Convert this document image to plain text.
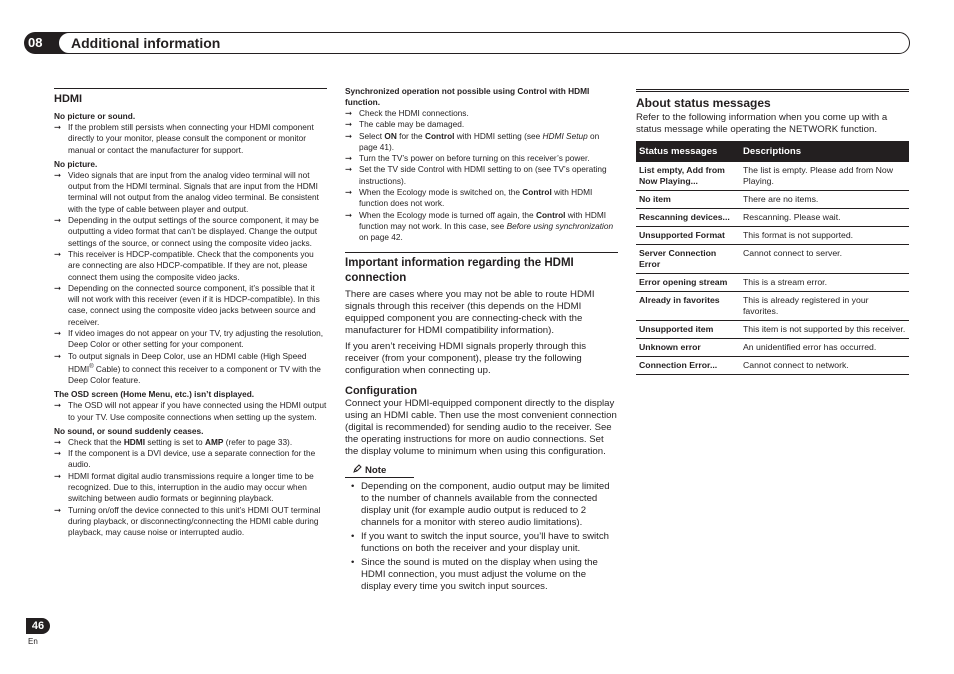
08	Additional information
HDMI
No picture or sound.
➞ If the problem still persists when connecting your HDMI component directly to your monitor, please consult the component or monitor manual or contact the manufacturer for support.
No picture.
➞ Video signals that are input from the analog video terminal will not output from the HDMI terminal. Signals that are input from the HDMI terminal will not output from the analog video terminal. Be consistent with the type of cable between player and output.
➞ Depending in the output settings of the source component, it may be outputting a video format that can’t be displayed. Change the output settings of the source, or connect using the composite video jacks.
➞ This receiver is HDCP-compatible. Check that the components you are connecting are also HDCP-compatible. If they are not, please connect them using the composite video jacks.
➞ Depending on the connected source component, it’s possible that it will not work with this receiver (even if it is HDCP-compatible). In this case, connect using the composite video jacks between source and receiver.
➞ If video images do not appear on your TV, try adjusting the resolution, Deep Color or other setting for your component.
➞ To output signals in Deep Color, use an HDMI cable (High Speed HDMI® Cable) to connect this receiver to a component or TV with the Deep Color feature.
The OSD screen (Home Menu, etc.) isn’t displayed.
➞ The OSD will not appear if you have connected using the HDMI output to your TV. Use composite connections when setting up the system.
No sound, or sound suddenly ceases.
➞ Check that the HDMI setting is set to AMP (refer to page 33).
➞ If the component is a DVI device, use a separate connection for the audio.
➞ HDMI format digital audio transmissions require a longer time to be recognized. Due to this, interruption in the audio may occur when switching between audio formats or beginning playback.
➞ Turning on/off the device connected to this unit’s HDMI OUT terminal during playback, or disconnecting/connecting the HDMI cable during playback, may cause noise or interrupted audio.
Synchronized operation not possible using Control with HDMI function.
➞ Check the HDMI connections.
➞ The cable may be damaged.
➞ Select ON for the Control with HDMI setting (see HDMI Setup on page 41).
➞ Turn the TV’s power on before turning on this receiver’s power.
➞ Set the TV side Control with HDMI setting to on (see TV’s operating instructions).
➞ When the Ecology mode is switched on, the Control with HDMI function does not work.
➞ When the Ecology mode is turned off again, the Control with HDMI function may not work. In this case, see Before using synchronization on page 42.
Important information regarding the HDMI connection
There are cases where you may not be able to route HDMI signals through this receiver (this depends on the HDMI equipped component you are connecting-check with the manufacturer for HDMI compatibility information).
If you aren’t receiving HDMI signals properly through this receiver (from your component), please try the following configuration when connecting up.
Configuration
Connect your HDMI-equipped component directly to the display using an HDMI cable. Then use the most convenient connection (digital is recommended) for sending audio to the receiver. See the operating instructions for more on audio connections. Set the display volume to minimum when using this configuration.
Note
• Depending on the component, audio output may be limited to the number of channels available from the connected display unit (for example audio output is reduced to 2 channels for a monitor with stereo audio limitations).
• If you want to switch the input source, you’ll have to switch functions on both the receiver and your display unit.
• Since the sound is muted on the display when using the HDMI connection, you must adjust the volume on the display every time you switch input sources.
About status messages
Refer to the following information when you come up with a status message while operating the NETWORK function.
Status messages	Descriptions
List empty, Add from Now Playing...	The list is empty. Please add from Now Playing.
No item	There are no items.
Rescanning devices...	Rescanning. Please wait.
Unsupported Format	This format is not supported.
Server Connection Error	Cannot connect to server.
Error opening stream	This is a stream error.
Already in favorites	This is already registered in your favorites.
Unsupported item	This item is not supported by this receiver.
Unknown error	An unidentified error has occurred.
Connection Error...	Cannot connect to network.
46
En
